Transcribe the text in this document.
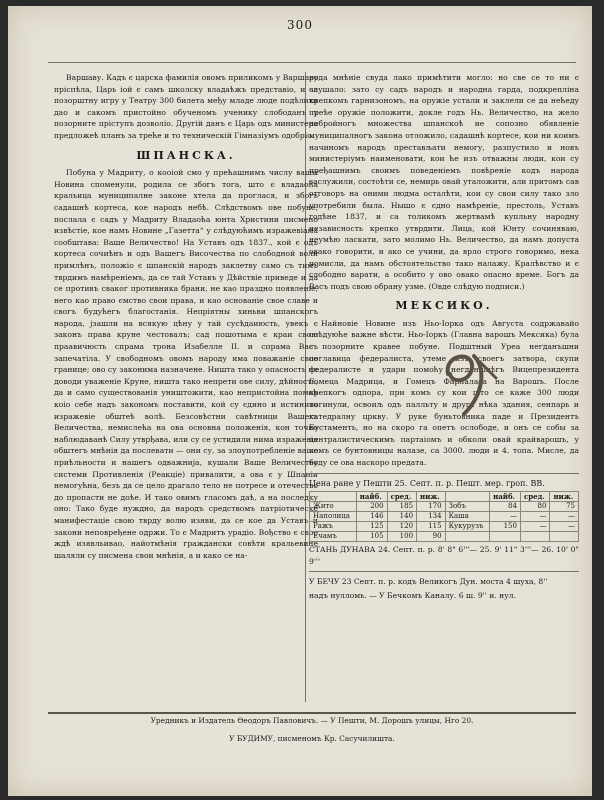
300

Варшаву. Кадъ є царска фамилія овомъ приликомъ у Варшаву пріспѣла, Царь іой є самъ школску владаѣжъ представіо, и за позорштну игру у Театру 300 билета међу младе люде подѣлити даo и сакомъ пристойно обученомъ ученику слободанъ у позорните прiступъ дозволіо. Другій данъ є Царь одъ министера предложеѣ планъ за треће и то техническій Гімназіумъ одобріо.

ШПАНСКА.

Побуна у Мадриту, о кооiой смо у прећашнимъ числу вашы Новина споменули, родила се збогъ тога, што є владаоћа кральица муниципалне законе хтела да проглася, и збогъ садашнѣ кортеса, кое народъ небѣ. Слѣдствомъ ове побуне, послала є садъ у Мадриту Владаоћа юнта Христини писмено извѣстіе, кое намъ Новине „Газетта“ у слѣдуюћимъ изражевіама сообштава: Ваше Величество! На Уставъ одъ 1837., кой є одъ кортеса сочиѣнъ и одъ Вашегъ Височества по слободной воли примлѣнъ, положіо є шпанскій народъ заклетву само съ тимъ тврдимъ намѣренiемъ, да се тай Уставъ у Дѣйствіе приведе и да се противъ сваког противника брани, не као праздно появленiе, него као право ємство свои права, и као основаніе свое славе и свогъ будућегъ благостанія. Непріятны хиньви шпанскогъ народа, јзашли на всякую цѣну у тай сусѣдаиюсть, увекъ є законъ права круне честовалъ; сад пошотыма є краи свою праавичюсть спрама трона Изабелле II. и спрама Васъ запечатіла. У свободномъ овомъ народу има поважаніе свое границе; ово су законима назначене. Ништа тако у опасность не доводи уваженіе Круне, ништа тако непрети ове силу, дѣйность, да и само существованія уништожити, као непристойна помоћ коіо себе надъ закономъ поставити, кой су єдино и истинито изражевіе обштеѣ волѣ. Безсовѣстни савѣтници Вашегъ Величества, немислећа на ова основна положенія, кон точно наблюдаванѣ Силу утврђава, или су се устидили нима изражевія обштегъ мнѣнія да послевати — они су, за злоупотребленіе ваше приѣльности и нашегъ одважнија, кушали Ваше Величество системи Противленія (Реакціе) привалити, а ова є у Шпаніи немогућна, безъ да се цело драгало тело не потресе и отечество до пропасти не доѣе. И тако овимъ гласомъ даѣ, а на последку оно: Тако буде нуждно, да народъ средствомъ патріотическе манифестаціе свою тврду волю изяви, да се кое да Уставъ и закони неповређене одржи. То є Мадритъ урадіо. Вођство є свое ждѣ изявльивао, найотмѣнія граждански совѣти кральевине шаляли су писмена свои мнѣнія, а и како се на-

рода мнѣніе свуда лако примѣтити могло: но све се то ни є слушало: зато су садъ народъ и народна гарда, подкрепліна крепкомъ гарнизономъ, на оружіе устали и заклели се да нећеду преѣе оружіе положити, докле годъ Нь. Величество, на жело небройногъ множества шпанскоѣ ие сопозно обявленіе муниципалногъ закона отложило, садашнѣ кортесе, кои ни коимъ начиномъ народъ престављати немогу, разпустило и новъ министеріумъ наименовати, кои ће изъ отважны люди, кои су пређашнимъ своимъ поведеніемъ повѣреніе кодъ народа заслужили, состоѣти се, немирь овай уталожити, али притомъ сав отговоръ на оними людма осталѣти, кои су свои силу тако зло употребили была. Нышо є єдно намѣреніе, престоль, Уставъ годѣне 1837, и са толикомъ жертвамѣ купльну народну независность крепко утврдити. Лица, кой Юнту сочиняваю, неумѣю ласкати, зато молимо Нь. Величество, да намъ допуста овако говорити, и ако се учини, да врло строго говоримо, нека помисли, да намъ обстоятельство тако налажу. Кралѣвство и є слободно варати, а особито у ово овако опасно време. Богъ да Васъ подъ свою обрану узме. (Овде слѣдую подписи.)

МЕКСИКО.

Найновіе Новине изъ Ньо-Іорка одъ Августа содржавайо слѣдуюће важне вѣсти. Ньо-Іоркъ (Главна варошъ Мексика) була є позорните кравее побуне. Подштный Уреа негданъшни поглавица федералиста, утеме изъ своегъ затвора, скупи федералисте и удари помоћу негданшнѣгъ Вицепрезидента Гомеца Мадрица, и Гомецъ Фарналаса на Варошъ. После крепкогъ одпора, при комъ су кои што се каже 300 люди погинули, освоиљ одъ палльту и друга нѣка здания, сенпарь и катедралну цркву. У руке буньтовника паде и Президентъ Бустаменть, но на скоро га опетъ ослободе, и онъ се собы за централистическимъ партаіомъ и обколи овай крайварошъ, у комъ се бунтовницы налазе, са 3000. люди и 4. топа. Мисле, да буду се ова наскоро предата.

Цена ране у Пешти 25. Септ. п. р. Пешт. мер. гроп. ВВ.
	найб.	сред.	ниж.		найб.	сред.	ниж.
Жито	200	185	170	Зобъ	84	80	75
Наполица	146	140	134	Каша	—	—	—
Ражъ	125	120	115	Кукурузъ	150	—	—
Ечамъ	105	100	90				
СТАНЬ ДУНАВА 24. Септ. п. р. 8' 8" 6'''— 25. 9' 11" 3'''— 26. 10' 0" 9'''
У БЕЧУ 23 Септ. п. р. кодъ Великогъ Дун. моста 4 шуха, 8''
надъ нулломь. — У Бечкомъ Каналу. 6 ш. 9'' и. нул.
Уредникъ и Издатель Ѳеодоръ Павловичъ. — У Пешти, М. Дорошъ улицы, Нго 20.
У БУДИМУ, писменомъ Кр. Сасучилишта.
